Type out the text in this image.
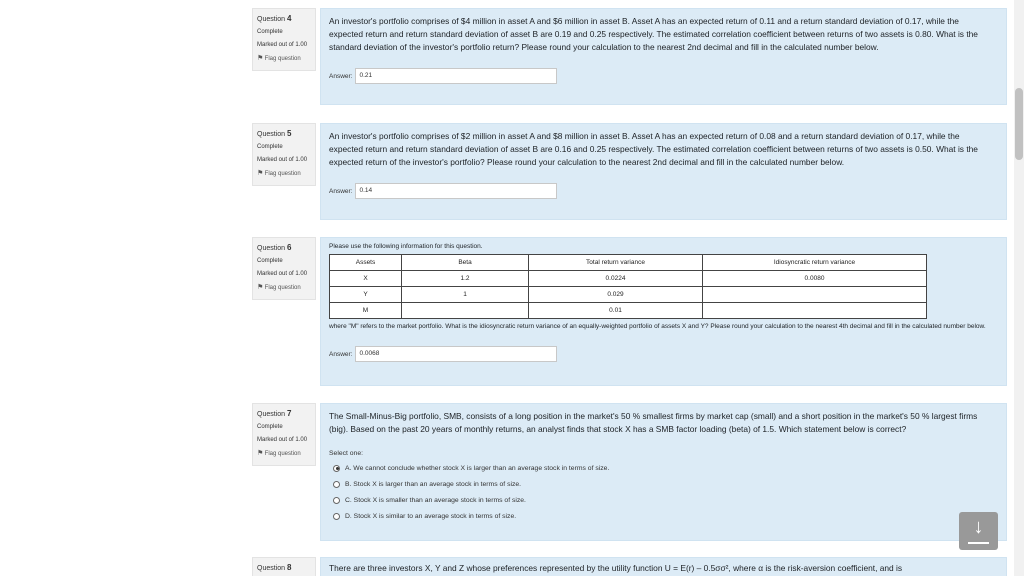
Question 4
Complete
Marked out of 1.00
⚑ Flag question
An investor's portfolio comprises of $4 million in asset A and $6 million in asset B. Asset A has an expected return of 0.11 and a return standard deviation of 0.17, while the expected return and return standard deviation of asset B are 0.19 and 0.25 respectively. The estimated correlation coefficient between returns of two assets is 0.80. What is the standard deviation of the investor's portfolio return? Please round your calculation to the nearest 2nd decimal and fill in the calculated number below.
Answer:	0.21
Question 5
Complete
Marked out of 1.00
⚑ Flag question
An investor's portfolio comprises of $2 million in asset A and $8 million in asset B. Asset A has an expected return of 0.08 and a return standard deviation of 0.17, while the expected return and return standard deviation of asset B are 0.16 and 0.25 respectively. The estimated correlation coefficient between returns of two assets is 0.50. What is the expected return of the investor's portfolio? Please round your calculation to the nearest 2nd decimal and fill in the calculated number below.
Answer:	0.14
Question 6
Complete
Marked out of 1.00
⚑ Flag question
Please use the following information for this question.
Assets	Beta	Total return variance	Idiosyncratic return variance
X	1.2	0.0224	0.0080
Y	1	0.029	
M		0.01	
where "M" refers to the market portfolio. What is the idiosyncratic return variance of an equally-weighted portfolio of assets X and Y? Please round your calculation to the nearest 4th decimal and fill in the calculated number below.
Answer:	0.0068
Question 7
Complete
Marked out of 1.00
⚑ Flag question
The Small-Minus-Big portfolio, SMB, consists of a long position in the market's 50 % smallest firms by market cap (small) and a short position in the market's 50 % largest firms (big). Based on the past 20 years of monthly returns, an analyst finds that stock X has a SMB factor loading (beta) of 1.5. Which statement below is correct?
Select one:
A. We cannot conclude whether stock X is larger than an average stock in terms of size.
B. Stock X is larger than an average stock in terms of size.
C. Stock X is smaller than an average stock in terms of size.
D. Stock X is similar to an average stock in terms of size.
Question 8	There are three investors X, Y and Z whose preferences represented by the utility function U = E(r) – 0.5σσ², where α is the risk-aversion coefficient, and is
↓
